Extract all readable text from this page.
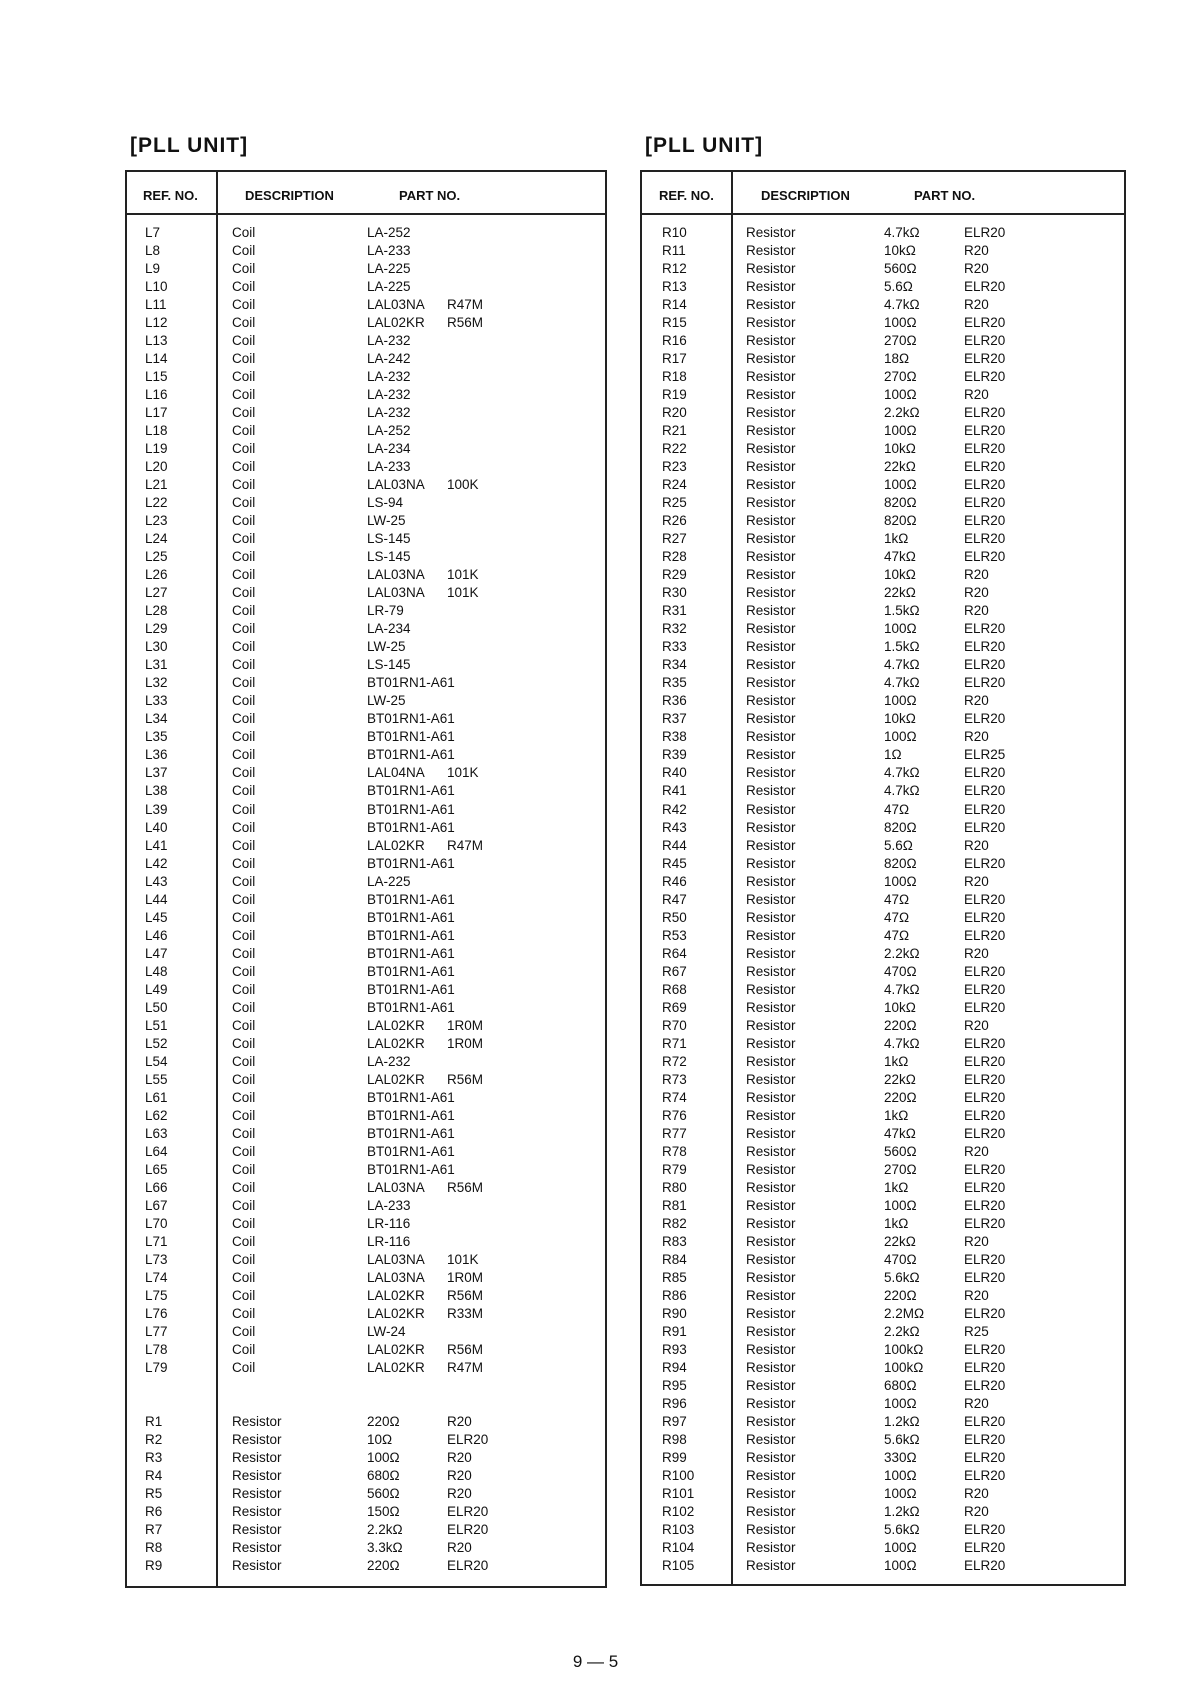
[PLL UNIT]
REF. NO.	DESCRIPTION	PART NO.
L7	Coil	LA-252
L8	Coil	LA-233
L9	Coil	LA-225
L10	Coil	LA-225
L11	Coil	LAL03NA R47M
L12	Coil	LAL02KR R56M
L13	Coil	LA-232
L14	Coil	LA-242
L15	Coil	LA-232
L16	Coil	LA-232
L17	Coil	LA-232
L18	Coil	LA-252
L19	Coil	LA-234
L20	Coil	LA-233
L21	Coil	LAL03NA 100K
L22	Coil	LS-94
L23	Coil	LW-25
L24	Coil	LS-145
L25	Coil	LS-145
L26	Coil	LAL03NA 101K
L27	Coil	LAL03NA 101K
L28	Coil	LR-79
L29	Coil	LA-234
L30	Coil	LW-25
L31	Coil	LS-145
L32	Coil	BT01RN1-A61
L33	Coil	LW-25
L34	Coil	BT01RN1-A61
L35	Coil	BT01RN1-A61
L36	Coil	BT01RN1-A61
L37	Coil	LAL04NA 101K
L38	Coil	BT01RN1-A61
L39	Coil	BT01RN1-A61
L40	Coil	BT01RN1-A61
L41	Coil	LAL02KR R47M
L42	Coil	BT01RN1-A61
L43	Coil	LA-225
L44	Coil	BT01RN1-A61
L45	Coil	BT01RN1-A61
L46	Coil	BT01RN1-A61
L47	Coil	BT01RN1-A61
L48	Coil	BT01RN1-A61
L49	Coil	BT01RN1-A61
L50	Coil	BT01RN1-A61
L51	Coil	LAL02KR 1R0M
L52	Coil	LAL02KR 1R0M
L54	Coil	LA-232
L55	Coil	LAL02KR R56M
L61	Coil	BT01RN1-A61
L62	Coil	BT01RN1-A61
L63	Coil	BT01RN1-A61
L64	Coil	BT01RN1-A61
L65	Coil	BT01RN1-A61
L66	Coil	LAL03NA R56M
L67	Coil	LA-233
L70	Coil	LR-116
L71	Coil	LR-116
L73	Coil	LAL03NA 101K
L74	Coil	LAL03NA 1R0M
L75	Coil	LAL02KR R56M
L76	Coil	LAL02KR R33M
L77	Coil	LW-24
L78	Coil	LAL02KR R56M
L79	Coil	LAL02KR R47M
R1	Resistor	220Ω	R20
R2	Resistor	10Ω	ELR20
R3	Resistor	100Ω	R20
R4	Resistor	680Ω	R20
R5	Resistor	560Ω	R20
R6	Resistor	150Ω	ELR20
R7	Resistor	2.2kΩ	ELR20
R8	Resistor	3.3kΩ	R20
R9	Resistor	220Ω	ELR20
[PLL UNIT]
REF. NO.	DESCRIPTION	PART NO.
R10	Resistor	4.7kΩ	ELR20
R11	Resistor	10kΩ	R20
R12	Resistor	560Ω	R20
R13	Resistor	5.6Ω	ELR20
R14	Resistor	4.7kΩ	R20
R15	Resistor	100Ω	ELR20
R16	Resistor	270Ω	ELR20
R17	Resistor	18Ω	ELR20
R18	Resistor	270Ω	ELR20
R19	Resistor	100Ω	R20
R20	Resistor	2.2kΩ	ELR20
R21	Resistor	100Ω	ELR20
R22	Resistor	10kΩ	ELR20
R23	Resistor	22kΩ	ELR20
R24	Resistor	100Ω	ELR20
R25	Resistor	820Ω	ELR20
R26	Resistor	820Ω	ELR20
R27	Resistor	1kΩ	ELR20
R28	Resistor	47kΩ	ELR20
R29	Resistor	10kΩ	R20
R30	Resistor	22kΩ	R20
R31	Resistor	1.5kΩ	R20
R32	Resistor	100Ω	ELR20
R33	Resistor	1.5kΩ	ELR20
R34	Resistor	4.7kΩ	ELR20
R35	Resistor	4.7kΩ	ELR20
R36	Resistor	100Ω	R20
R37	Resistor	10kΩ	ELR20
R38	Resistor	100Ω	R20
R39	Resistor	1Ω	ELR25
R40	Resistor	4.7kΩ	ELR20
R41	Resistor	4.7kΩ	ELR20
R42	Resistor	47Ω	ELR20
R43	Resistor	820Ω	ELR20
R44	Resistor	5.6Ω	R20
R45	Resistor	820Ω	ELR20
R46	Resistor	100Ω	R20
R47	Resistor	47Ω	ELR20
R50	Resistor	47Ω	ELR20
R53	Resistor	47Ω	ELR20
R64	Resistor	2.2kΩ	R20
R67	Resistor	470Ω	ELR20
R68	Resistor	4.7kΩ	ELR20
R69	Resistor	10kΩ	ELR20
R70	Resistor	220Ω	R20
R71	Resistor	4.7kΩ	ELR20
R72	Resistor	1kΩ	ELR20
R73	Resistor	22kΩ	ELR20
R74	Resistor	220Ω	ELR20
R76	Resistor	1kΩ	ELR20
R77	Resistor	47kΩ	ELR20
R78	Resistor	560Ω	R20
R79	Resistor	270Ω	ELR20
R80	Resistor	1kΩ	ELR20
R81	Resistor	100Ω	ELR20
R82	Resistor	1kΩ	ELR20
R83	Resistor	22kΩ	R20
R84	Resistor	470Ω	ELR20
R85	Resistor	5.6kΩ	ELR20
R86	Resistor	220Ω	R20
R90	Resistor	2.2MΩ	ELR20
R91	Resistor	2.2kΩ	R25
R93	Resistor	100kΩ	ELR20
R94	Resistor	100kΩ	ELR20
R95	Resistor	680Ω	ELR20
R96	Resistor	100Ω	R20
R97	Resistor	1.2kΩ	ELR20
R98	Resistor	5.6kΩ	ELR20
R99	Resistor	330Ω	ELR20
R100	Resistor	100Ω	ELR20
R101	Resistor	100Ω	R20
R102	Resistor	1.2kΩ	R20
R103	Resistor	5.6kΩ	ELR20
R104	Resistor	100Ω	ELR20
R105	Resistor	100Ω	ELR20
9 — 5
